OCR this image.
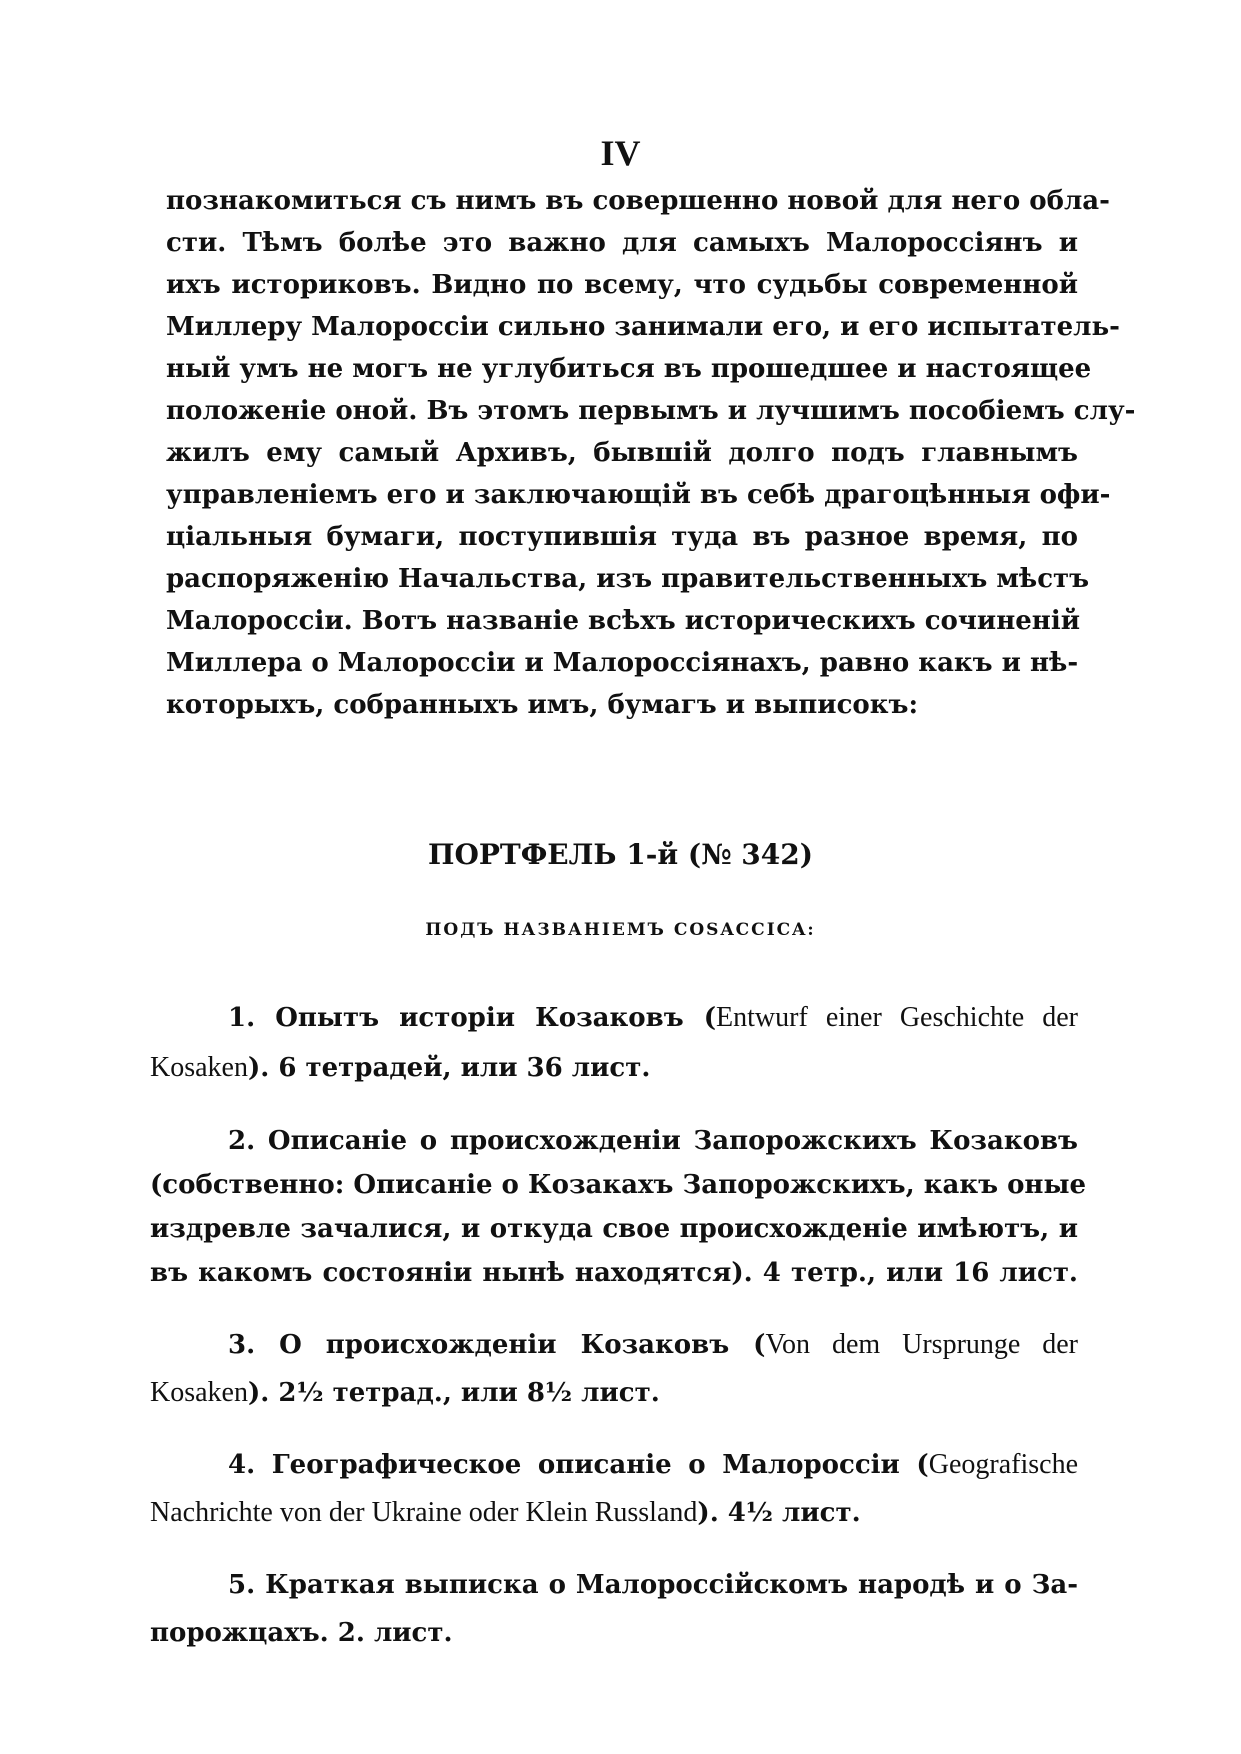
IV
познакомиться съ нимъ въ совершенно новой для него обла-
сти. Тѣмъ болѣе это важно для самыхъ Малороссіянъ и
ихъ историковъ. Видно по всему, что судьбы современной
Миллеру Малороссіи сильно занимали его, и его испытатель-
ный умъ не могъ не углубиться въ прошедшее и настоящее
положеніе оной. Въ этомъ первымъ и лучшимъ пособіемъ слу-
жилъ ему самый Архивъ, бывшій долго подъ главнымъ
управленіемъ его и заключающій въ себѣ драгоцѣнныя офи-
ціальныя бумаги, поступившія туда въ разное время, по
распоряженію Начальства, изъ правительственныхъ мѣстъ
Малороссіи. Вотъ названіе всѣхъ историческихъ сочиненій
Миллера о Малороссіи и Малороссіянахъ, равно какъ и нѣ-
которыхъ, собранныхъ имъ, бумагъ и выписокъ:
ПОРТФЕЛЬ 1-й (№ 342)
ПОДЪ НАЗВАНІЕМЪ COSACCICA:
1. Опытъ исторіи Козаковъ (Entwurf einer Geschichte der
Kosaken). 6 тетрадей, или 36 лист.
2. Описаніе о происхожденіи Запорожскихъ Козаковъ
(собственно: Описаніе о Козакахъ Запорожскихъ, какъ оные
издревле зачалися, и откуда свое происхожденіе имѣютъ, и
въ какомъ состояніи нынѣ находятся). 4 тетр., или 16 лист.
3. О происхожденіи Козаковъ (Von dem Ursprunge der
Kosaken). 2½ тетрад., или 8½ лист.
4. Географическое описаніе о Малороссіи (Geografische
Nachrichte von der Ukraine oder Klein Russland). 4½ лист.
5. Краткая выписка о Малороссійскомъ народѣ и о За-
порожцахъ. 2. лист.
